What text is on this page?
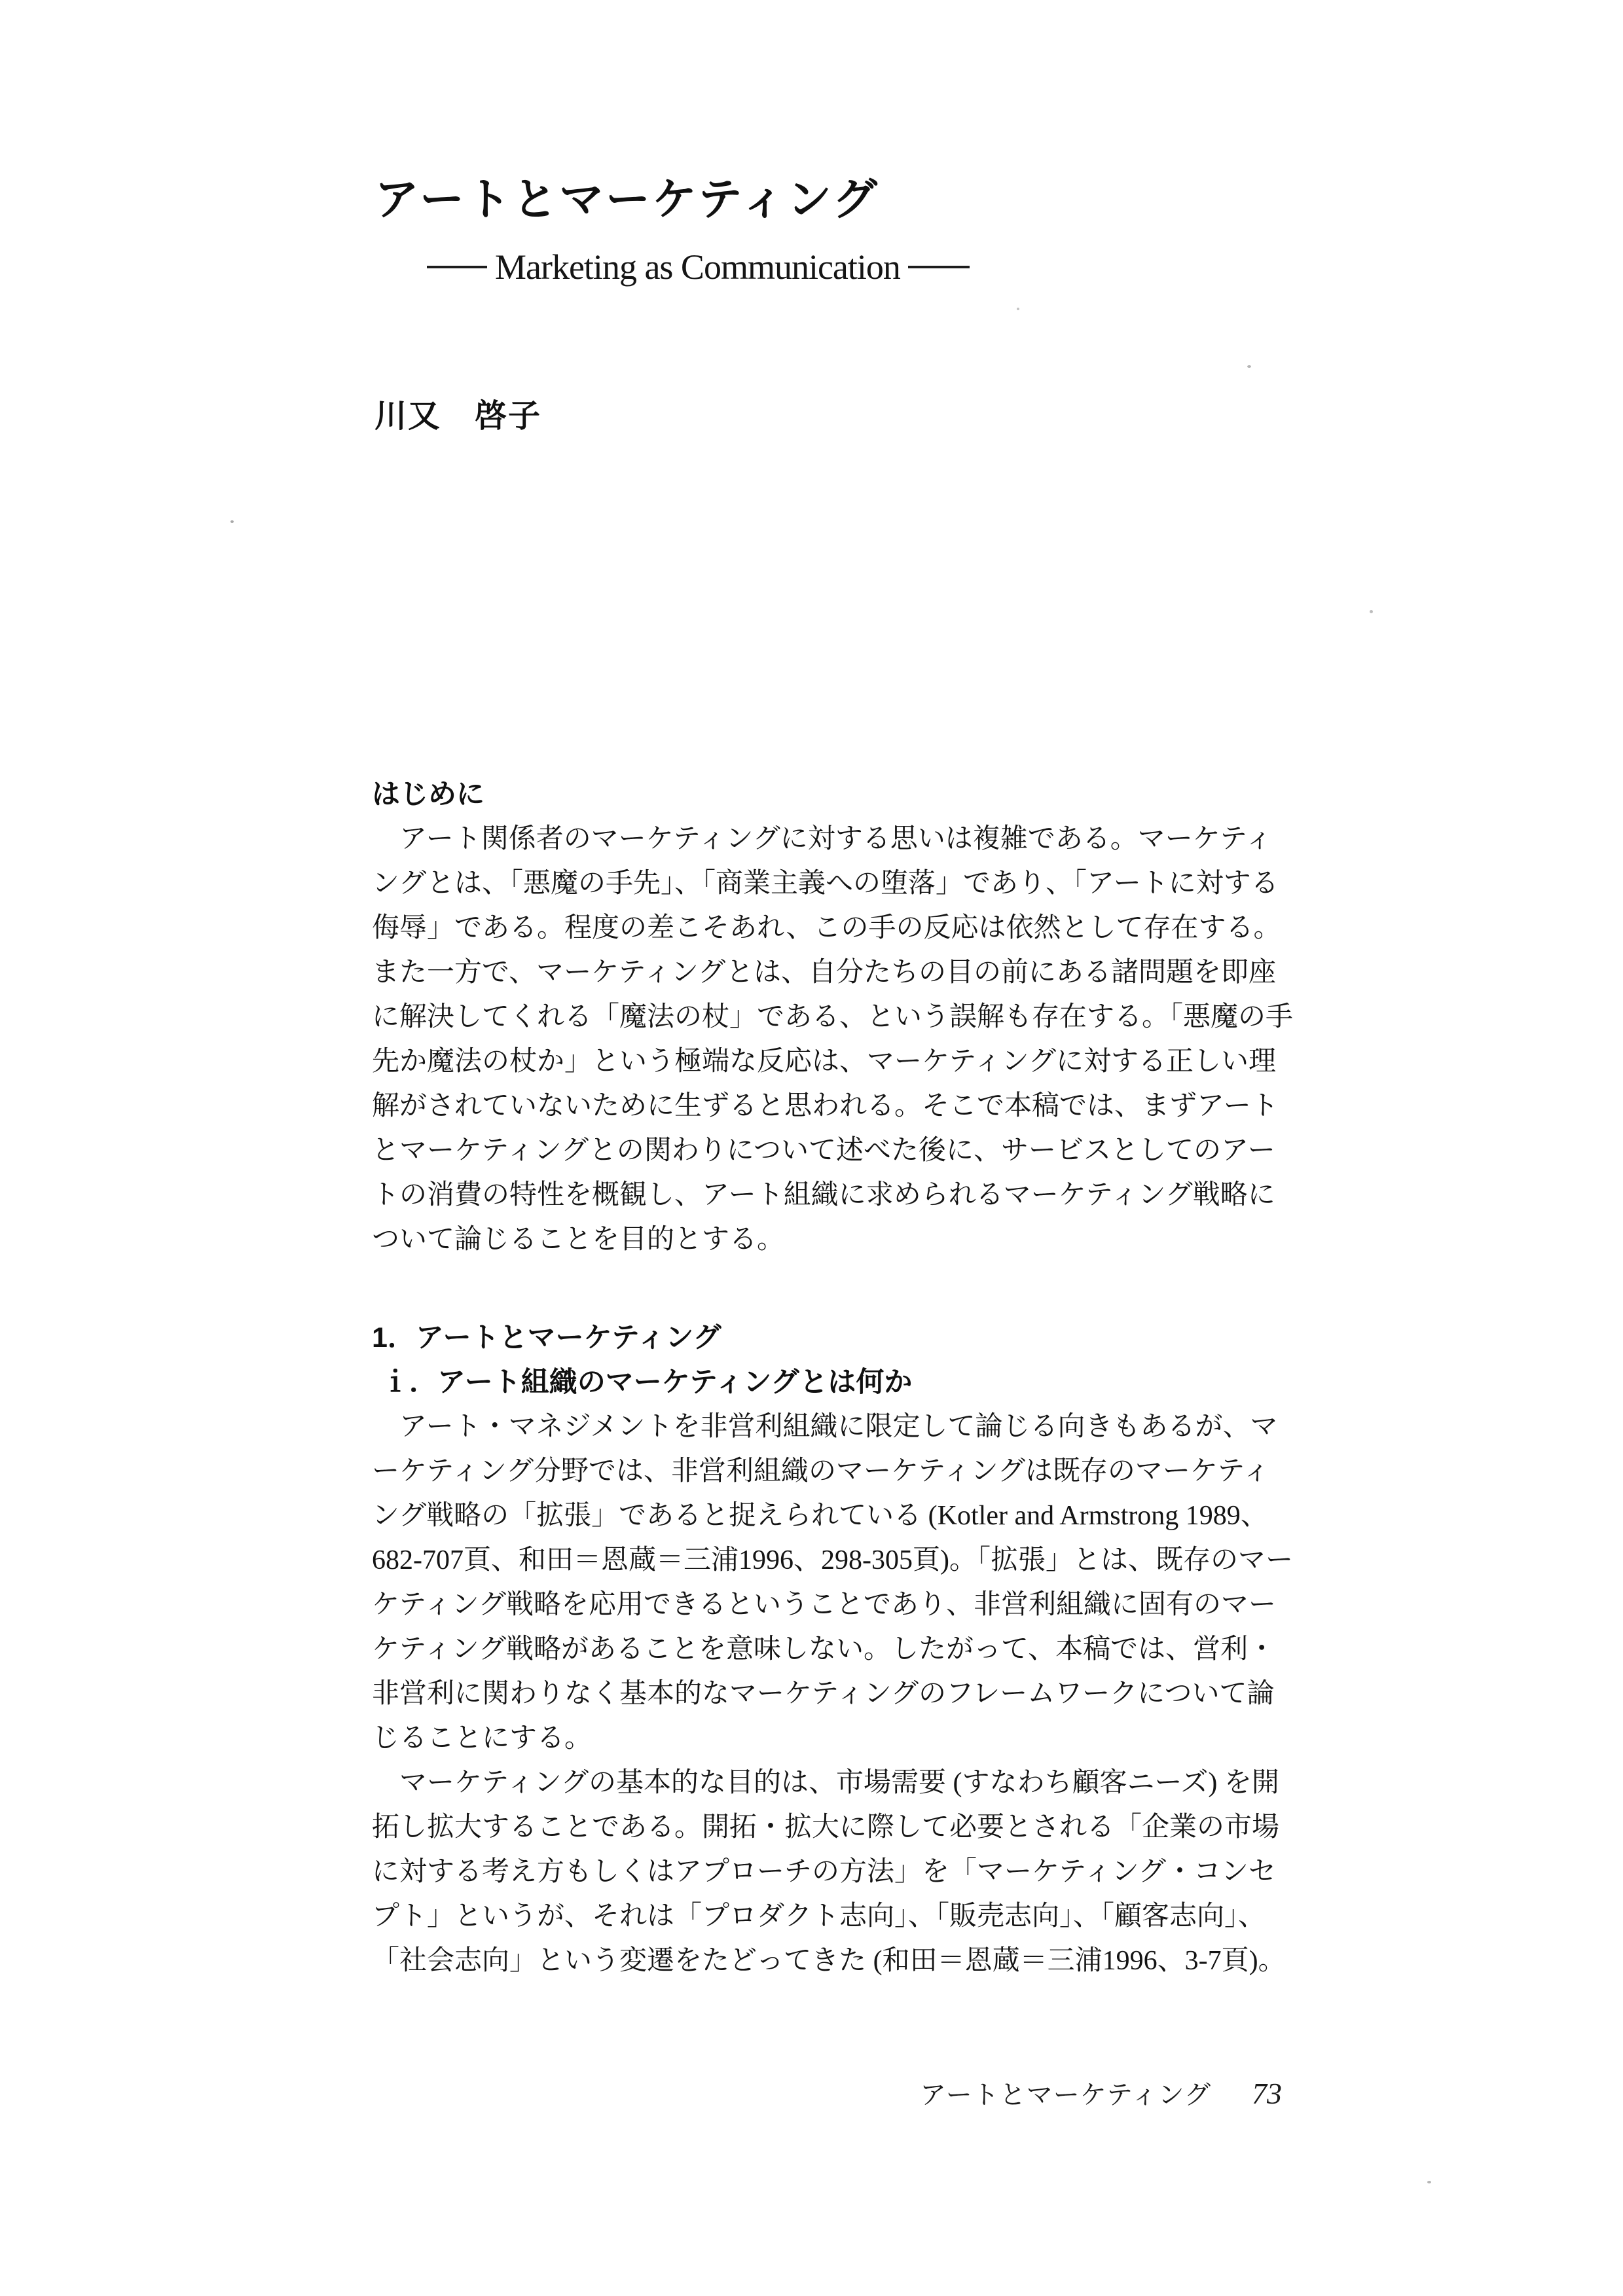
アートとマーケティング
Marketing as Communication
川又　啓子
はじめに
　アート関係者のマーケティングに対する思いは複雑である。マーケティ
ングとは、「悪魔の手先」、「商業主義への堕落」であり、「アートに対する
侮辱」である。程度の差こそあれ、この手の反応は依然として存在する。
また一方で、マーケティングとは、自分たちの目の前にある諸問題を即座
に解決してくれる「魔法の杖」である、という誤解も存在する。「悪魔の手
先か魔法の杖か」という極端な反応は、マーケティングに対する正しい理
解がされていないために生ずると思われる。そこで本稿では、まずアート
とマーケティングとの関わりについて述べた後に、サービスとしてのアー
トの消費の特性を概観し、アート組織に求められるマーケティング戦略に
ついて論じることを目的とする。
1．アートとマーケティング
ｉ．アート組織のマーケティングとは何か
　アート・マネジメントを非営利組織に限定して論じる向きもあるが、マ
ーケティング分野では、非営利組織のマーケティングは既存のマーケティ
ング戦略の「拡張」であると捉えられている (Kotler and Armstrong 1989、
682-707頁、和田＝恩蔵＝三浦1996、298-305頁)。「拡張」とは、既存のマー
ケティング戦略を応用できるということであり、非営利組織に固有のマー
ケティング戦略があることを意味しない。したがって、本稿では、営利・
非営利に関わりなく基本的なマーケティングのフレームワークについて論
じることにする。
　マーケティングの基本的な目的は、市場需要 (すなわち顧客ニーズ) を開
拓し拡大することである。開拓・拡大に際して必要とされる「企業の市場
に対する考え方もしくはアプローチの方法」を「マーケティング・コンセ
プト」というが、それは「プロダクト志向」、「販売志向」、「顧客志向」、
「社会志向」という変遷をたどってきた (和田＝恩蔵＝三浦1996、3-7頁)。
アートとマーケティング 73
